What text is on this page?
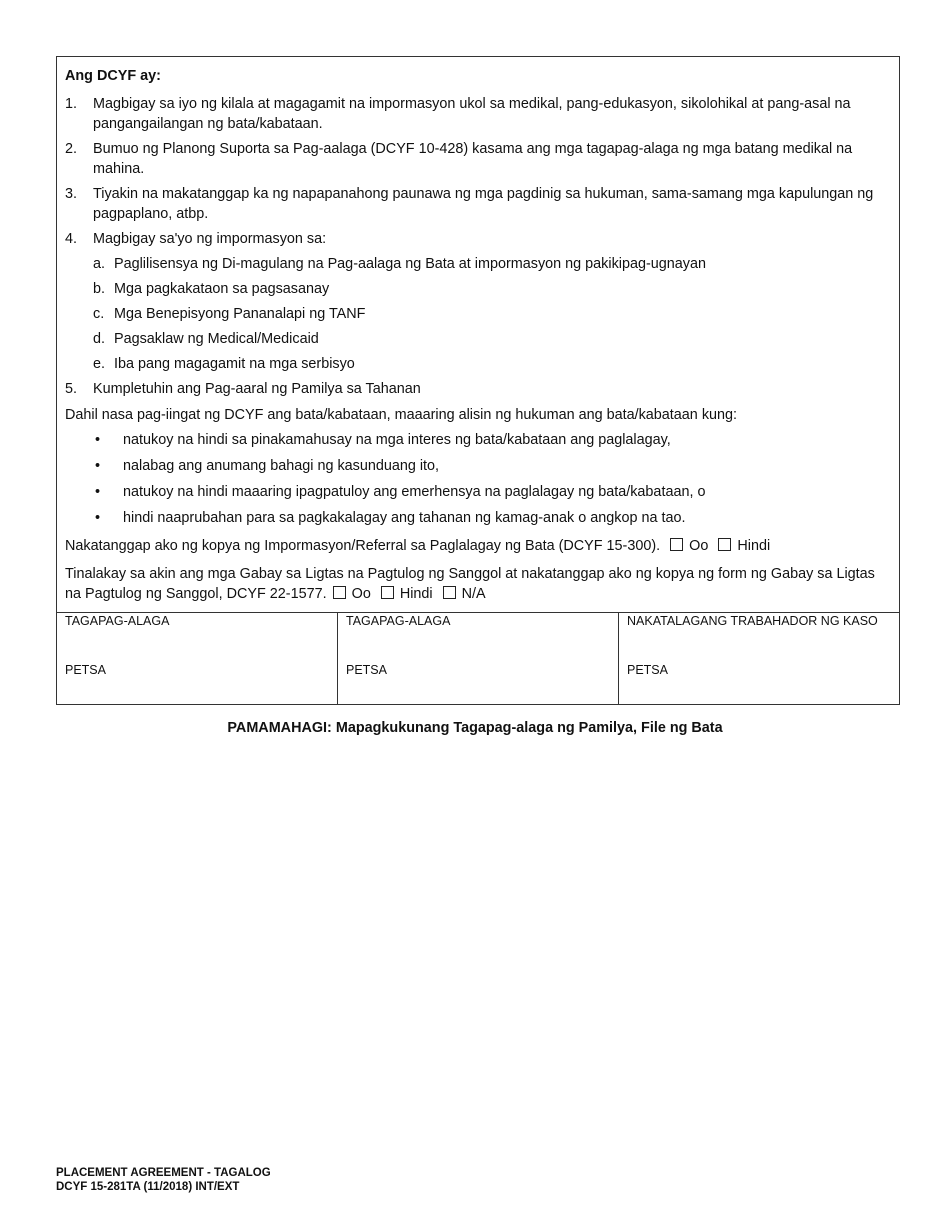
Ang DCYF ay:
1.	Magbigay sa iyo ng kilala at magagamit na impormasyon ukol sa medikal, pang-edukasyon, sikolohikal at pang-asal na pangangailangan ng bata/kabataan.
2.	Bumuo ng Planong Suporta sa Pag-aalaga (DCYF 10-428) kasama ang mga tagapag-alaga ng mga batang medikal na mahina.
3.	Tiyakin na makatanggap ka ng napapanahong paunawa ng mga pagdinig sa hukuman, sama-samang mga kapulungan ng pagpaplano, atbp.
4.	Magbigay sa'yo ng impormasyon sa:
a. Paglilisensya ng Di-magulang na Pag-aalaga ng Bata at impormasyon ng pakikipag-ugnayan
b. Mga pagkakataon sa pagsasanay
c. Mga Benepisyong Pananalapi ng TANF
d. Pagsaklaw ng Medical/Medicaid
e. Iba pang magagamit na mga serbisyo
5.	Kumpletuhin ang Pag-aaral ng Pamilya sa Tahanan
Dahil nasa pag-iingat ng DCYF ang bata/kabataan, maaaring alisin ng hukuman ang bata/kabataan kung:
•	natukoy na hindi sa pinakamahusay na mga interes ng bata/kabataan ang paglalagay,
•	nalabag ang anumang bahagi ng kasunduang ito,
•	natukoy na hindi maaaring ipagpatuloy ang emerhensya na paglalagay ng bata/kabataan, o
•	hindi naaprubahan para sa pagkakalagay ang tahanan ng kamag-anak o angkop na tao.
Nakatanggap ako ng kopya ng Impormasyon/Referral sa Paglalagay ng Bata (DCYF 15-300). Oo Hindi
Tinalakay sa akin ang mga Gabay sa Ligtas na Pagtulog ng Sanggol at nakatanggap ako ng kopya ng form ng Gabay sa Ligtas na Pagtulog ng Sanggol, DCYF 22-1577. Oo Hindi N/A
TAGAPAG-ALAGA
PETSA
TAGAPAG-ALAGA
PETSA
NAKATALAGANG TRABAHADOR NG KASO
PETSA
PAMAMAHAGI: Mapagkukunang Tagapag-alaga ng Pamilya, File ng Bata
PLACEMENT AGREEMENT - TAGALOG
DCYF 15-281TA (11/2018) INT/EXT
